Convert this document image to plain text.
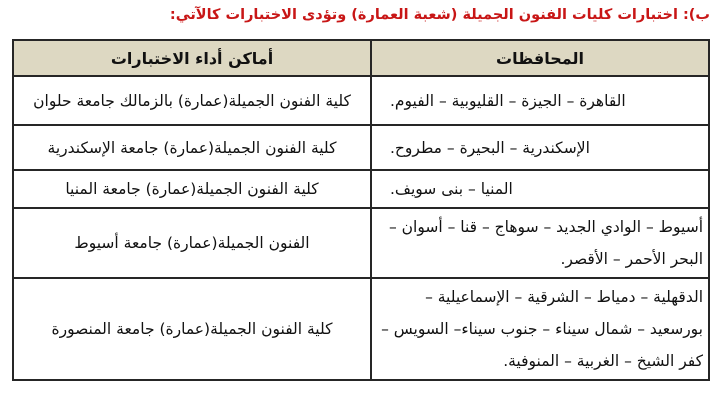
ب): اختبارات كليات الفنون الجميلة (شعبة العمارة) وتؤدى الاختبارات كالآتي:
المحافظات	أماكن أداء الاختبارات
القاهرة – الجيزة – القليوبية – الفيوم.	كلية الفنون الجميلة(عمارة) بالزمالك جامعة حلوان
الإسكندرية – البحيرة – مطروح.	كلية الفنون الجميلة(عمارة) جامعة الإسكندرية
المنيا – بنى سويف.	كلية الفنون الجميلة(عمارة) جامعة المنيا
أسيوط – الوادي الجديد – سوهاج – قنا – أسوان – البحر الأحمر – الأقصر.	الفنون الجميلة(عمارة) جامعة أسيوط
الدقهلية – دمياط – الشرقية – الإسماعيلية – بورسعيد – شمال سيناء – جنوب سيناء– السويس –كفر الشيخ – الغربية – المنوفية.	كلية الفنون الجميلة(عمارة) جامعة المنصورة
